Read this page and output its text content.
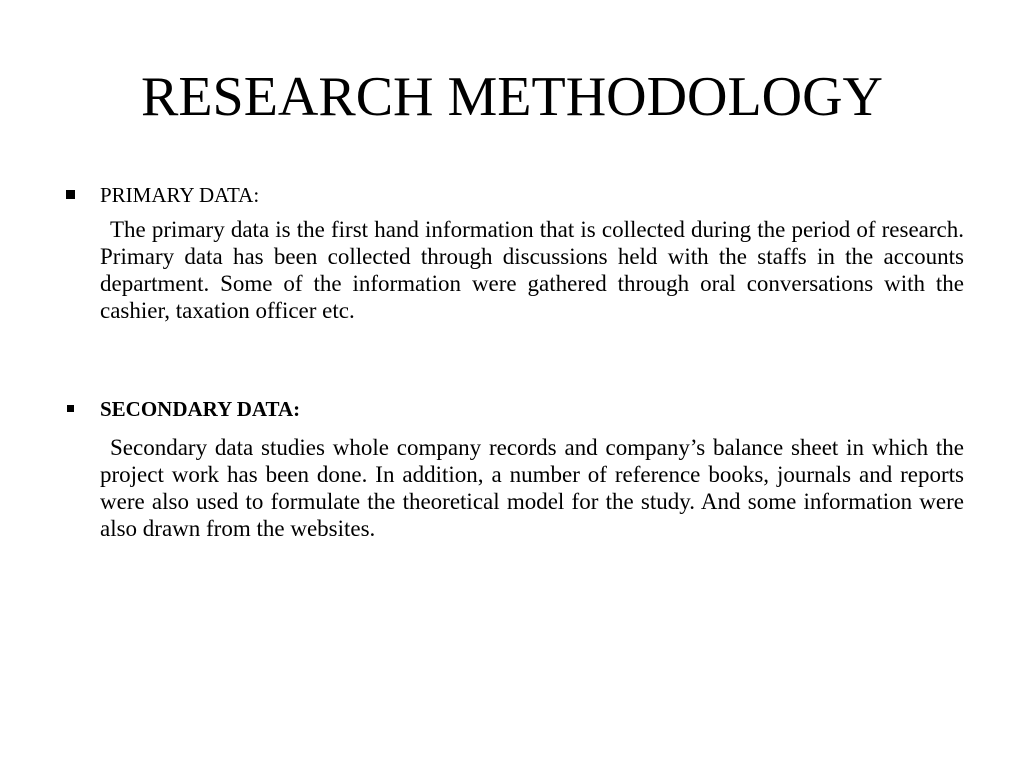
RESEARCH METHODOLOGY
PRIMARY DATA:

The primary data is the first hand information that is collected during the period of research. Primary data has been collected through discussions held with the staffs in the accounts department. Some of the information were gathered through oral conversations with the cashier, taxation officer etc.

SECONDARY DATA:

Secondary data studies whole company records and company’s balance sheet in which the project work has been done. In addition, a number of reference books, journals and reports were also used to formulate the theoretical model for the study. And some information were also drawn from the websites.
